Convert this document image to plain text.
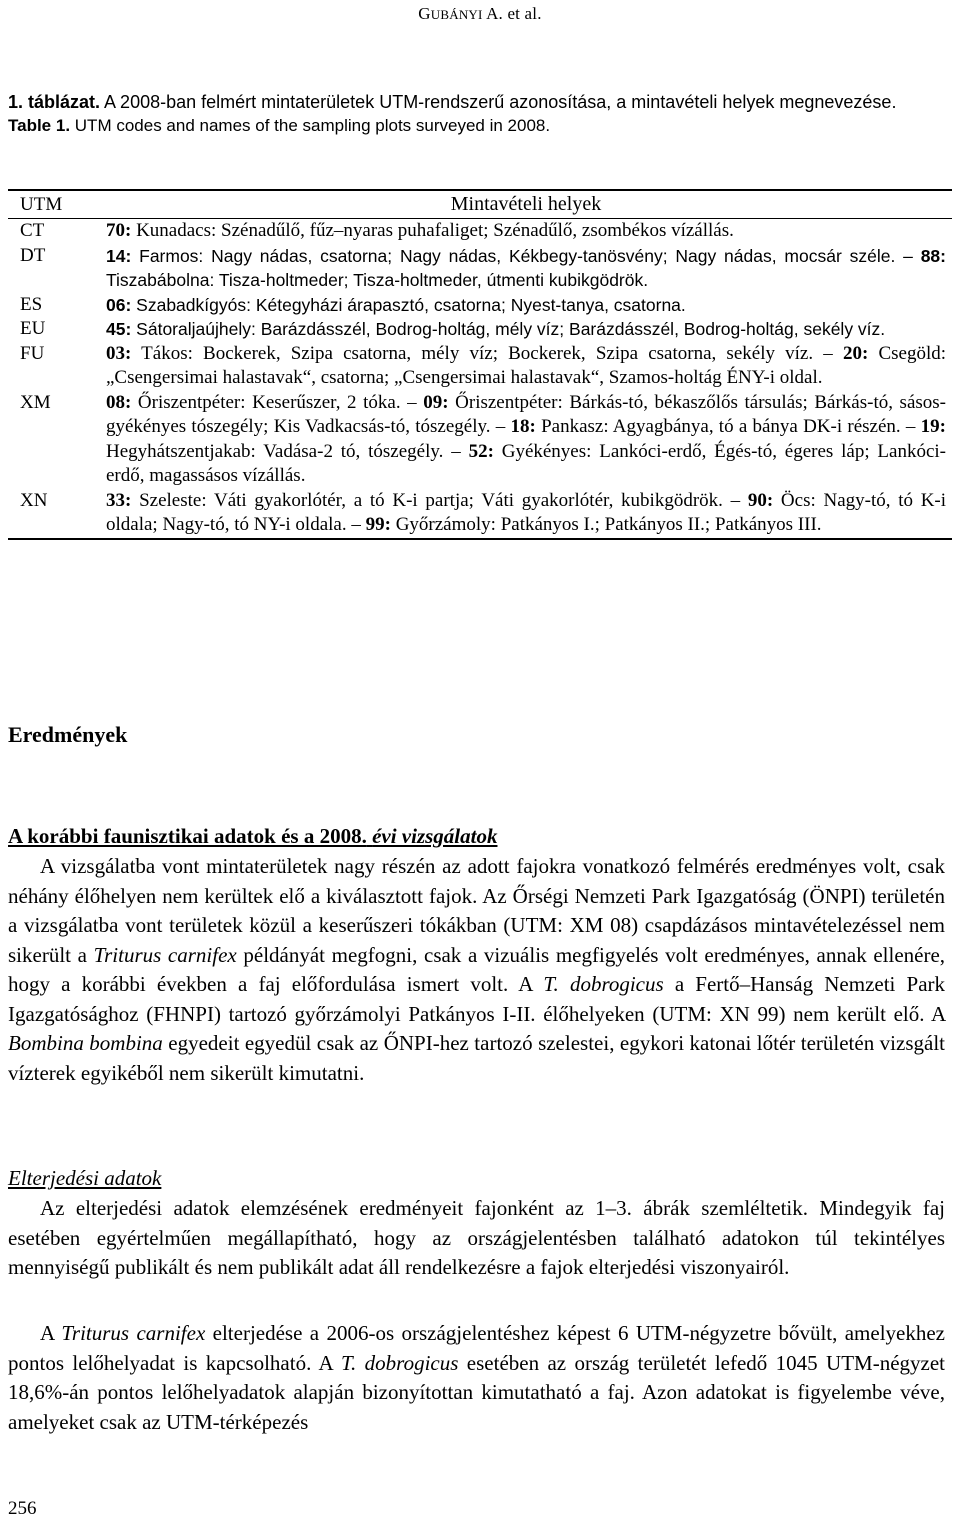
GUBÁNYI A. et al.
1. táblázat. A 2008-ban felmért mintaterületek UTM-rendszerű azonosítása, a mintavételi helyek megnevezése.
Table 1. UTM codes and names of the sampling plots surveyed in 2008.
UTM	Mintavételi helyek
CT	70: Kunadacs: Szénadűlő, fűz–nyaras puhafaliget; Szénadűlő, zsombékos vízállás.
DT	14: Farmos: Nagy nádas, csatorna; Nagy nádas, Kékbegy-tanösvény; Nagy nádas, mocsár széle. – 88: Tiszabábolna: Tisza-holtmeder; Tisza-holtmeder, útmenti kubikgödrök.
ES	06: Szabadkígyós: Kétegyházi árapasztó, csatorna; Nyest-tanya, csatorna.
EU	45: Sátoraljaújhely: Barázdásszél, Bodrog-holtág, mély víz; Barázdásszél, Bodrog-holtág, sekély víz.
FU	03: Tákos: Bockerek, Szipa csatorna, mély víz; Bockerek, Szipa csatorna, sekély víz. – 20: Csegöld: „Csengersimai halastavak“, csatorna; „Csengersimai halastavak“, Szamos-holtág ÉNY-i oldal.
XM	08: Őriszentpéter: Keserűszer, 2 tóka. – 09: Őriszentpéter: Bárkás-tó, békaszőlős társulás; Bárkás-tó, sásos-gyékényes tószegély; Kis Vadkacsás-tó, tószegély. – 18: Pankasz: Agyagbánya, tó a bánya DK-i részén. – 19: Hegyhátszentjakab: Vadása-2 tó, tószegély. – 52: Gyékényes: Lankóci-erdő, Égés-tó, égeres láp; Lankóci-erdő, magassásos vízállás.
XN	33: Szeleste: Váti gyakorlótér, a tó K-i partja; Váti gyakorlótér, kubikgödrök. – 90: Öcs: Nagy-tó, tó K-i oldala; Nagy-tó, tó NY-i oldala. – 99: Győrzámoly: Patkányos I.; Patkányos II.; Patkányos III.
Eredmények
A korábbi faunisztikai adatok és a 2008. évi vizsgálatok

A vizsgálatba vont mintaterületek nagy részén az adott fajokra vonatkozó felmérés eredményes volt, csak néhány élőhelyen nem kerültek elő a kiválasztott fajok. Az Őrségi Nemzeti Park Igazgatóság (ÖNPI) területén a vizsgálatba vont területek közül a keserűszeri tókákban (UTM: XM 08) csapdázásos mintavételezéssel nem sikerült a Triturus carnifex példányát megfogni, csak a vizuális megfigyelés volt eredményes, annak ellenére, hogy a korábbi években a faj előfordulása ismert volt. A T. dobrogicus a Fertő–Hanság Nemzeti Park Igazgatósághoz (FHNPI) tartozó győrzámolyi Patkányos I-II. élőhelyeken (UTM: XN 99) nem került elő. A Bombina bombina egyedeit egyedül csak az ŐNPI-hez tartozó szelestei, egykori katonai lőtér területén vizsgált vízterek egyikéből nem sikerült kimutatni.

Elterjedési adatok

Az elterjedési adatok elemzésének eredményeit fajonként az 1–3. ábrák szemléltetik. Mindegyik faj esetében egyértelműen megállapítható, hogy az országjelentésben található adatokon túl tekintélyes mennyiségű publikált és nem publikált adat áll rendelkezésre a fajok elterjedési viszonyairól.

A Triturus carnifex elterjedése a 2006-os országjelentéshez képest 6 UTM-négyzetre bővült, amelyekhez pontos lelőhelyadat is kapcsolható. A T. dobrogicus esetében az ország területét lefedő 1045 UTM-négyzet 18,6%-án pontos lelőhelyadatok alapján bizonyítottan kimutatható a faj. Azon adatokat is figyelembe véve, amelyeket csak az UTM-térképezés

256
